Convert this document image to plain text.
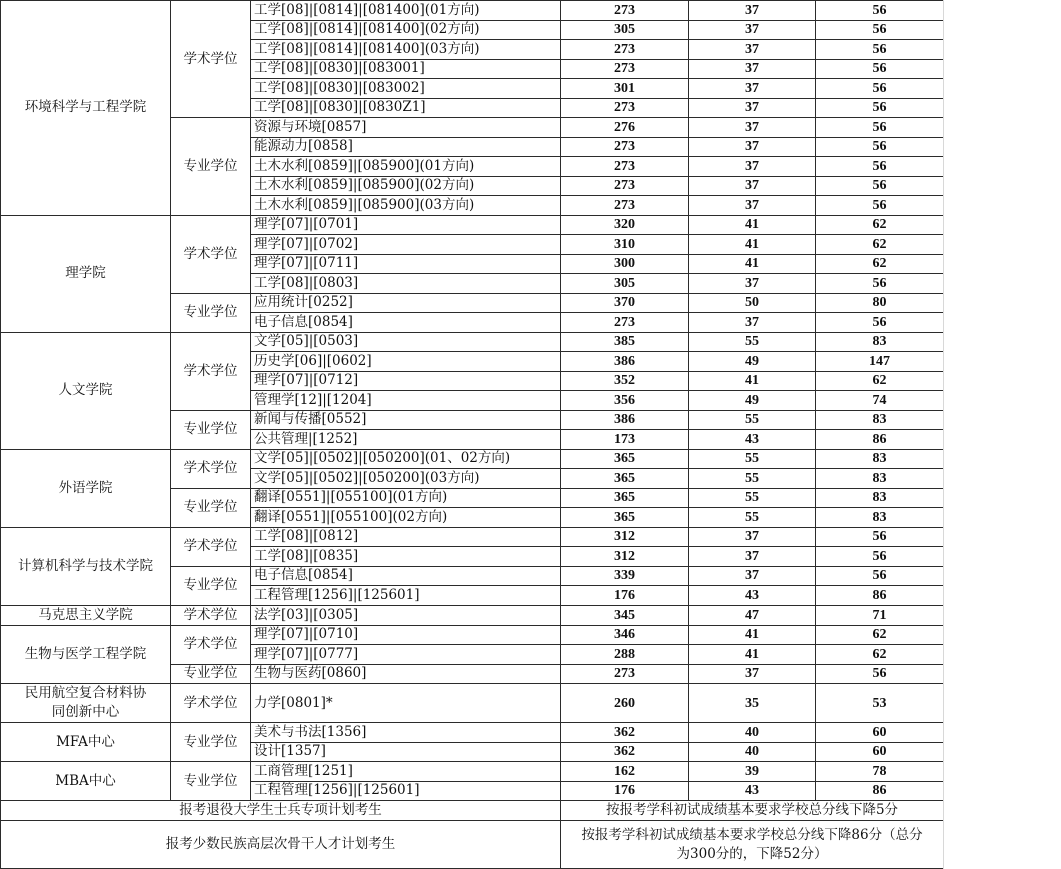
环境科学与工程学院	学术学位	工学[08]|[0814]|[081400](01方向)	273	37	56
		工学[08]|[0814]|[081400](02方向)	305	37	56
		工学[08]|[0814]|[081400](03方向)	273	37	56
		工学[08]|[0830]|[083001]	273	37	56
		工学[08]|[0830]|[083002]	301	37	56
		工学[08]|[0830]|[0830Z1]	273	37	56
	专业学位	资源与环境[0857]	276	37	56
		能源动力[0858]	273	37	56
		土木水利[0859]|[085900](01方向)	273	37	56
		土木水利[0859]|[085900](02方向)	273	37	56
		土木水利[0859]|[085900](03方向)	273	37	56
理学院	学术学位	理学[07]|[0701]	320	41	62
		理学[07]|[0702]	310	41	62
		理学[07]|[0711]	300	41	62
		工学[08]|[0803]	305	37	56
	专业学位	应用统计[0252]	370	50	80
		电子信息[0854]	273	37	56
人文学院	学术学位	文学[05]|[0503]	385	55	83
		历史学[06]|[0602]	386	49	147
		理学[07]|[0712]	352	41	62
		管理学[12]|[1204]	356	49	74
	专业学位	新闻与传播[0552]	386	55	83
		公共管理|[1252]	173	43	86
外语学院	学术学位	文学[05]|[0502]|[050200](01、02方向)	365	55	83
		文学[05]|[0502]|[050200](03方向)	365	55	83
	专业学位	翻译[0551]|[055100](01方向)	365	55	83
		翻译[0551]|[055100](02方向)	365	55	83
计算机科学与技术学院	学术学位	工学[08]|[0812]	312	37	56
		工学[08]|[0835]	312	37	56
	专业学位	电子信息[0854]	339	37	56
		工程管理[1256]|[125601]	176	43	86
马克思主义学院	学术学位	法学[03]|[0305]	345	47	71
生物与医学工程学院	学术学位	理学[07]|[0710]	346	41	62
		理学[07]|[0777]	288	41	62
	专业学位	生物与医药[0860]	273	37	56
民用航空复合材料协同创新中心	学术学位	力学[0801]*	260	35	53
MFA中心	专业学位	美术与书法[1356]	362	40	60
		设计[1357]	362	40	60
MBA中心	专业学位	工商管理[1251]	162	39	78
		工程管理[1256]|[125601]	176	43	86
报考退役大学生士兵专项计划考生			按报考学科初试成绩基本要求学校总分线下降5分		
报考少数民族高层次骨干人才计划考生			按报考学科初试成绩基本要求学校总分线下降86分（总分为300分的，下降52分）		
